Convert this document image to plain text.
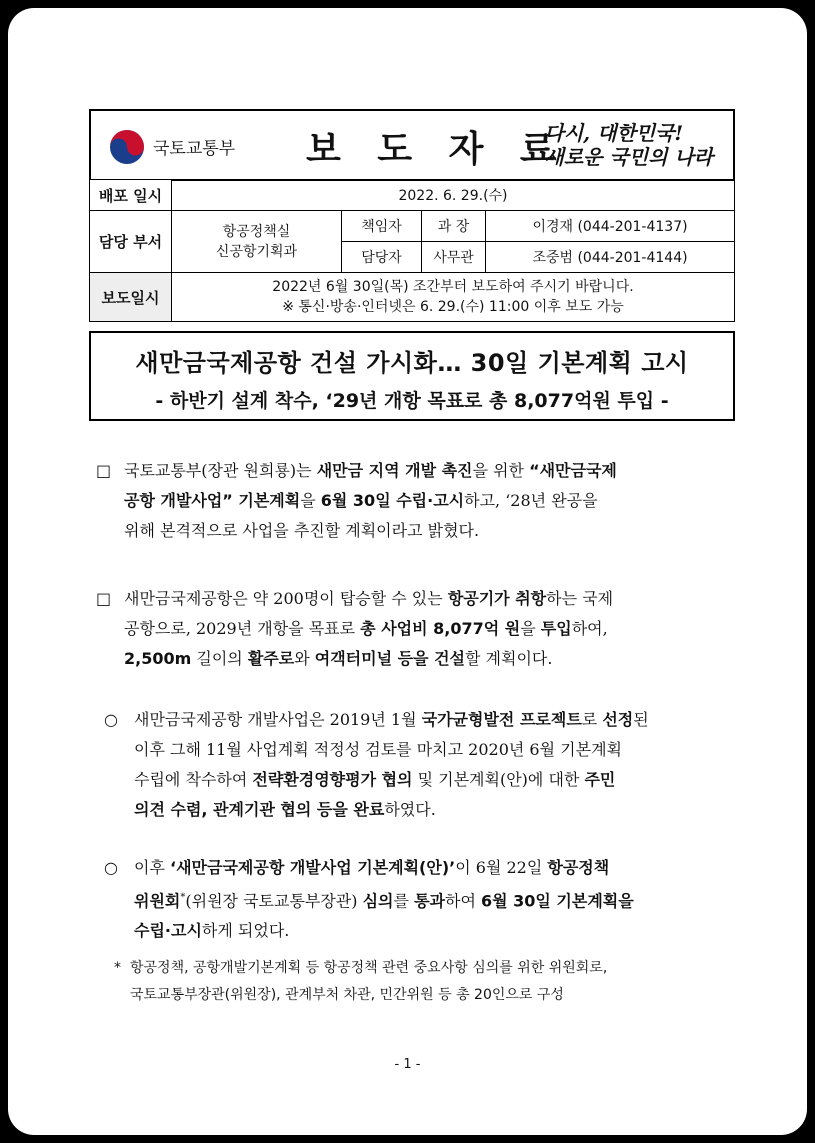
국토교통부 보 도 자 료
다시, 대한민국!
새로운 국민의 나라
배포 일시	2022. 6. 29.(수)			
담당 부서	항공정책실
신공항기획과	책임자	과 장	이경재 (044-201-4137)
		담당자	사무관	조중범 (044-201-4144)
보도일시	2022년 6월 30일(목) 조간부터 보도하여 주시기 바랍니다.
※ 통신·방송·인터넷은 6. 29.(수) 11:00 이후 보도 가능			
새만금국제공항 건설 가시화… 30일 기본계획 고시
- 하반기 설계 착수, ‘29년 개항 목표로 총 8,077억원 투입 -
□ 국토교통부(장관 원희룡)는 새만금 지역 개발 촉진을 위한 “새만금국제
공항 개발사업” 기본계획을 6월 30일 수립·고시하고, ‘28년 완공을
위해 본격적으로 사업을 추진할 계획이라고 밝혔다.
□ 새만금국제공항은 약 200명이 탑승할 수 있는 항공기가 취항하는 국제
공항으로, 2029년 개항을 목표로 총 사업비 8,077억 원을 투입하여,
2,500m 길이의 활주로와 여객터미널 등을 건설할 계획이다.
○ 새만금국제공항 개발사업은 2019년 1월 국가균형발전 프로젝트로 선정된
이후 그해 11월 사업계획 적정성 검토를 마치고 2020년 6월 기본계획
수립에 착수하여 전략환경영향평가 협의 및 기본계획(안)에 대한 주민
의견 수렴, 관계기관 협의 등을 완료하였다.
○ 이후 ‘새만금국제공항 개발사업 기본계획(안)’이 6월 22일 항공정책
위원회*(위원장 국토교통부장관) 심의를 통과하여 6월 30일 기본계획을
수립·고시하게 되었다.
* 항공정책, 공항개발기본계획 등 항공정책 관련 중요사항 심의를 위한 위원회로,
국토교통부장관(위원장), 관계부처 차관, 민간위원 등 총 20인으로 구성
- 1 -
